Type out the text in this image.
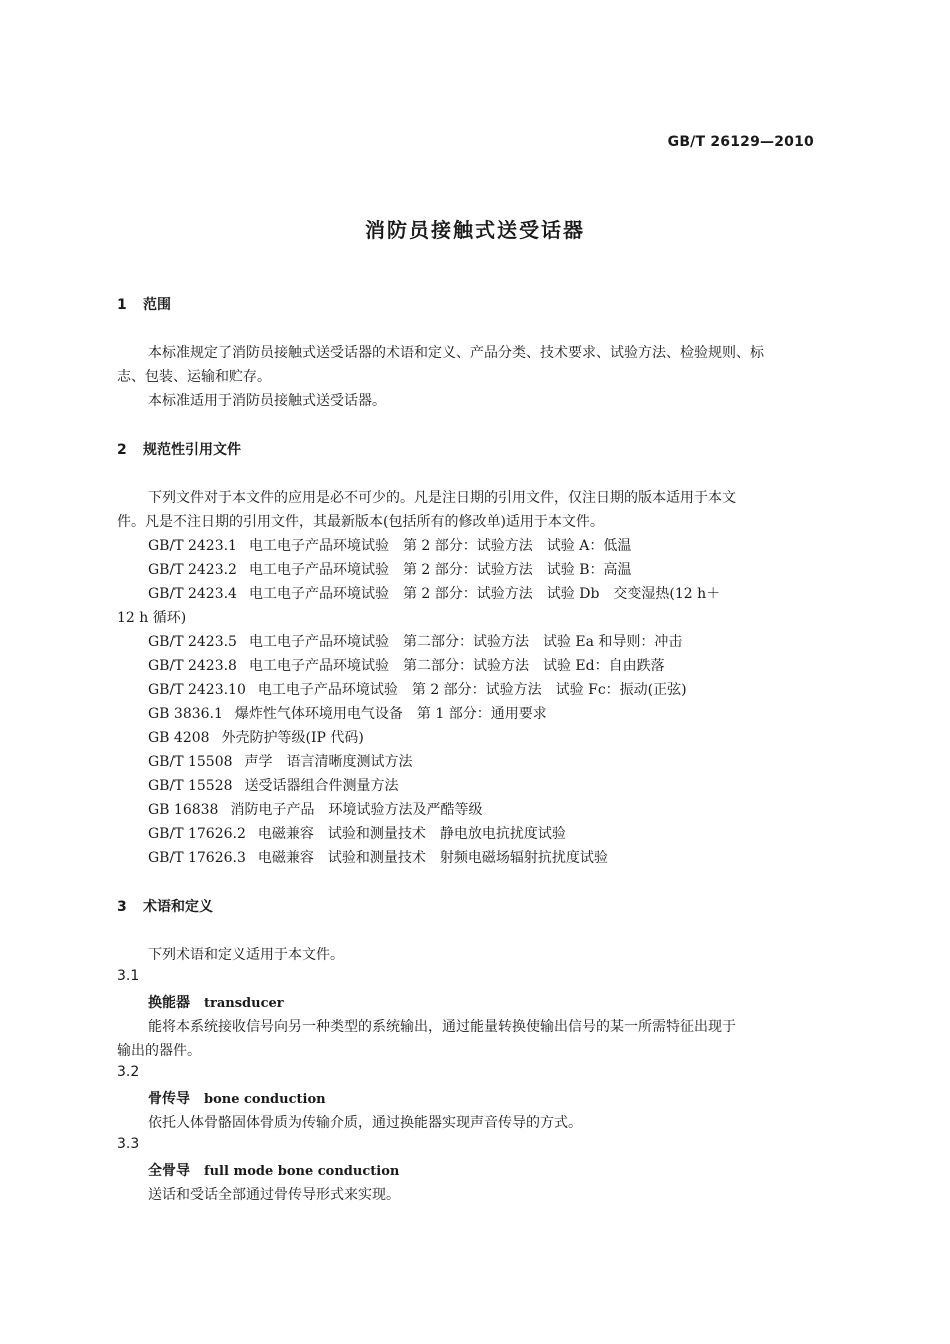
GB/T 26129—2010
消防员接触式送受话器
1 范围
本标准规定了消防员接触式送受话器的术语和定义、产品分类、技术要求、试验方法、检验规则、标
志、包装、运输和贮存。
本标准适用于消防员接触式送受话器。
2 规范性引用文件
下列文件对于本文件的应用是必不可少的。凡是注日期的引用文件，仅注日期的版本适用于本文
件。凡是不注日期的引用文件，其最新版本(包括所有的修改单)适用于本文件。
GB/T 2423.1 电工电子产品环境试验　第 2 部分：试验方法　试验 A：低温
GB/T 2423.2 电工电子产品环境试验　第 2 部分：试验方法　试验 B：高温
GB/T 2423.4 电工电子产品环境试验　第 2 部分：试验方法　试验 Db　交变湿热(12 h＋
12 h 循环)
GB/T 2423.5 电工电子产品环境试验　第二部分：试验方法　试验 Ea 和导则：冲击
GB/T 2423.8 电工电子产品环境试验　第二部分：试验方法　试验 Ed：自由跌落
GB/T 2423.10 电工电子产品环境试验　第 2 部分：试验方法　试验 Fc：振动(正弦)
GB 3836.1 爆炸性气体环境用电气设备　第 1 部分：通用要求
GB 4208 外壳防护等级(IP 代码)
GB/T 15508 声学　语言清晰度测试方法
GB/T 15528 送受话器组合件测量方法
GB 16838 消防电子产品　环境试验方法及严酷等级
GB/T 17626.2 电磁兼容　试验和测量技术　静电放电抗扰度试验
GB/T 17626.3 电磁兼容　试验和测量技术　射频电磁场辐射抗扰度试验
3 术语和定义
下列术语和定义适用于本文件。
3.1
换能器 transducer
能将本系统接收信号向另一种类型的系统输出，通过能量转换使输出信号的某一所需特征出现于
输出的器件。
3.2
骨传导 bone conduction
依托人体骨骼固体骨质为传输介质，通过换能器实现声音传导的方式。
3.3
全骨导 full mode bone conduction
送话和受话全部通过骨传导形式来实现。
